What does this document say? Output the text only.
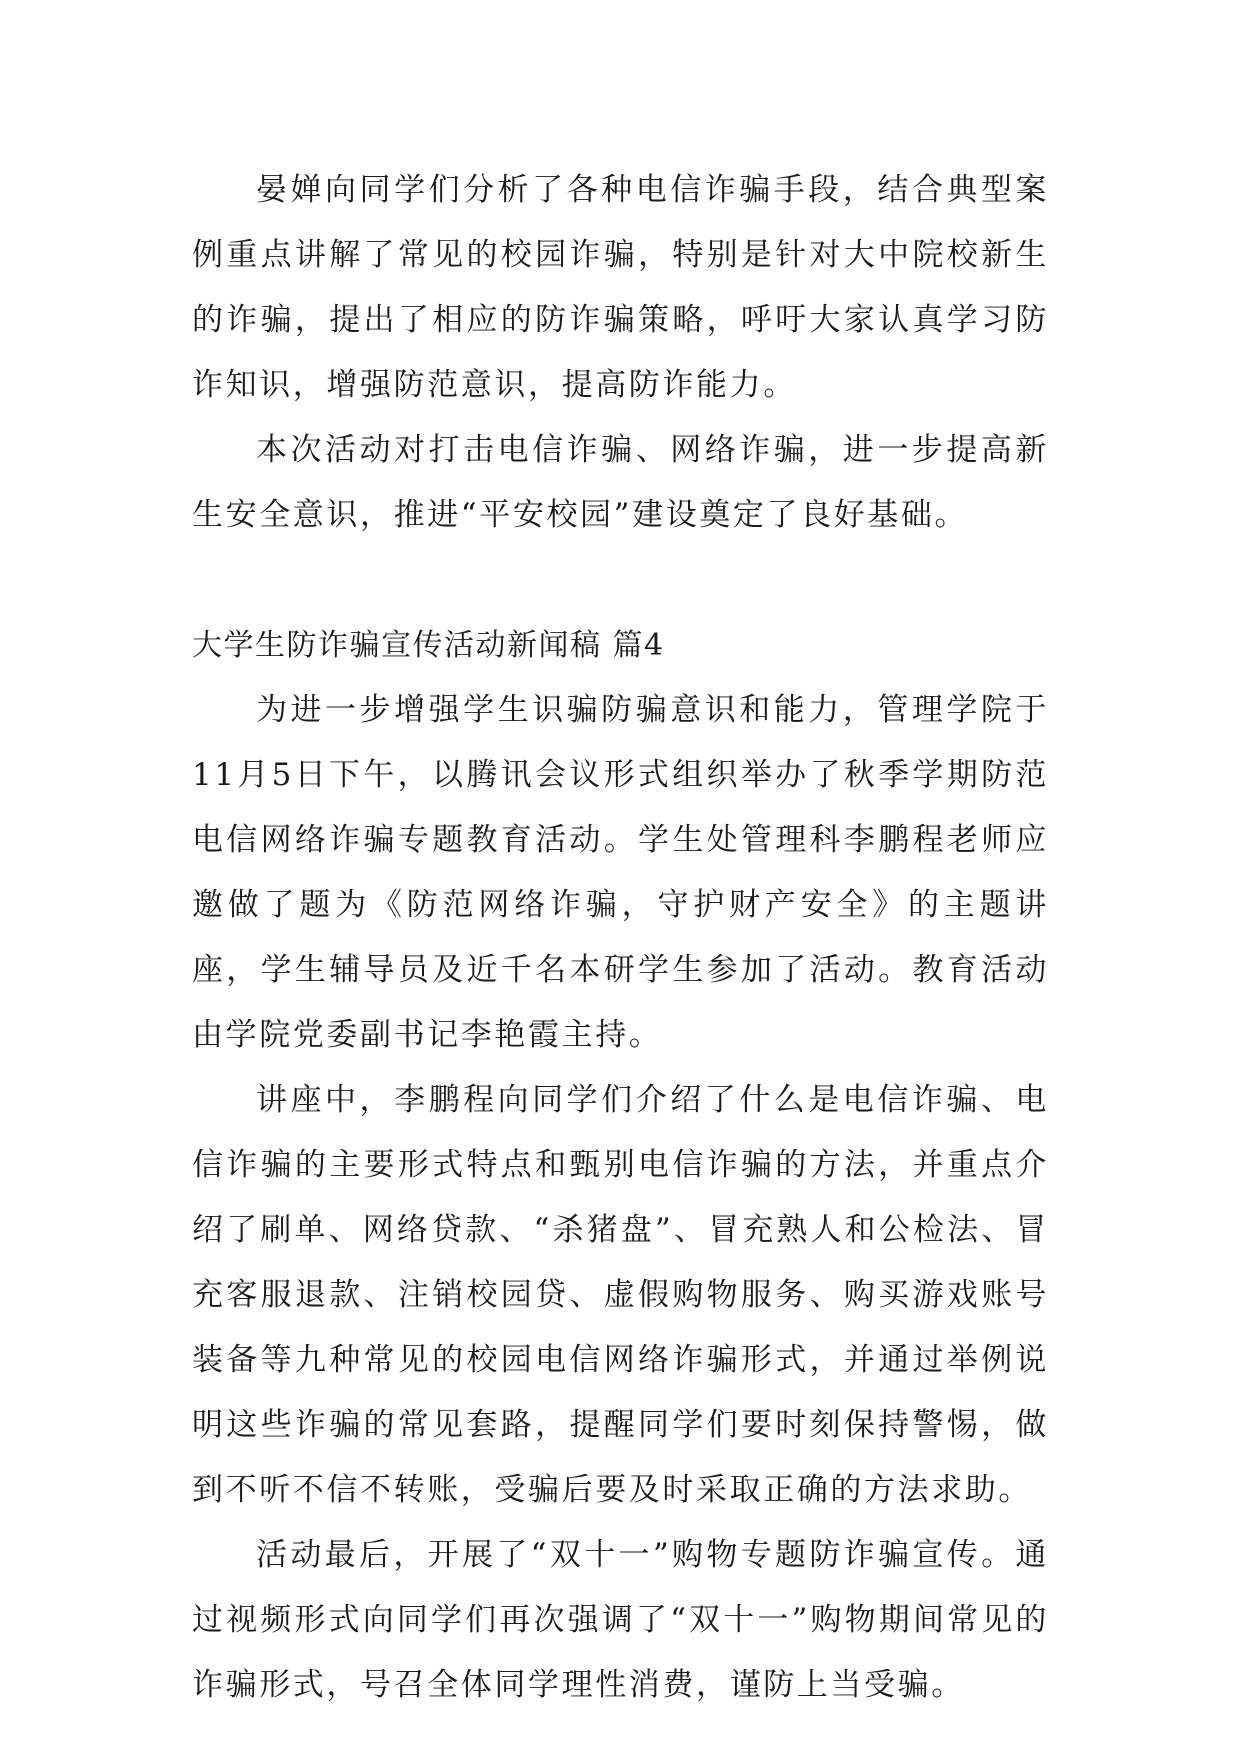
晏婵向同学们分析了各种电信诈骗手段，结合典型案例重点讲解了常见的校园诈骗，特别是针对大中院校新生的诈骗，提出了相应的防诈骗策略，呼吁大家认真学习防诈知识，增强防范意识，提高防诈能力。

本次活动对打击电信诈骗、网络诈骗，进一步提高新生安全意识，推进“平安校园”建设奠定了良好基础。

大学生防诈骗宣传活动新闻稿 篇4

为进一步增强学生识骗防骗意识和能力，管理学院于11月5日下午，以腾讯会议形式组织举办了秋季学期防范电信网络诈骗专题教育活动。学生处管理科李鹏程老师应邀做了题为《防范网络诈骗，守护财产安全》的主题讲座，学生辅导员及近千名本研学生参加了活动。教育活动由学院党委副书记李艳霞主持。

讲座中，李鹏程向同学们介绍了什么是电信诈骗、电信诈骗的主要形式特点和甄别电信诈骗的方法，并重点介绍了刷单、网络贷款、“杀猪盘”、冒充熟人和公检法、冒充客服退款、注销校园贷、虚假购物服务、购买游戏账号装备等九种常见的校园电信网络诈骗形式，并通过举例说明这些诈骗的常见套路，提醒同学们要时刻保持警惕，做到不听不信不转账，受骗后要及时采取正确的方法求助。

活动最后，开展了“双十一”购物专题防诈骗宣传。通过视频形式向同学们再次强调了“双十一”购物期间常见的诈骗形式，号召全体同学理性消费，谨防上当受骗。
